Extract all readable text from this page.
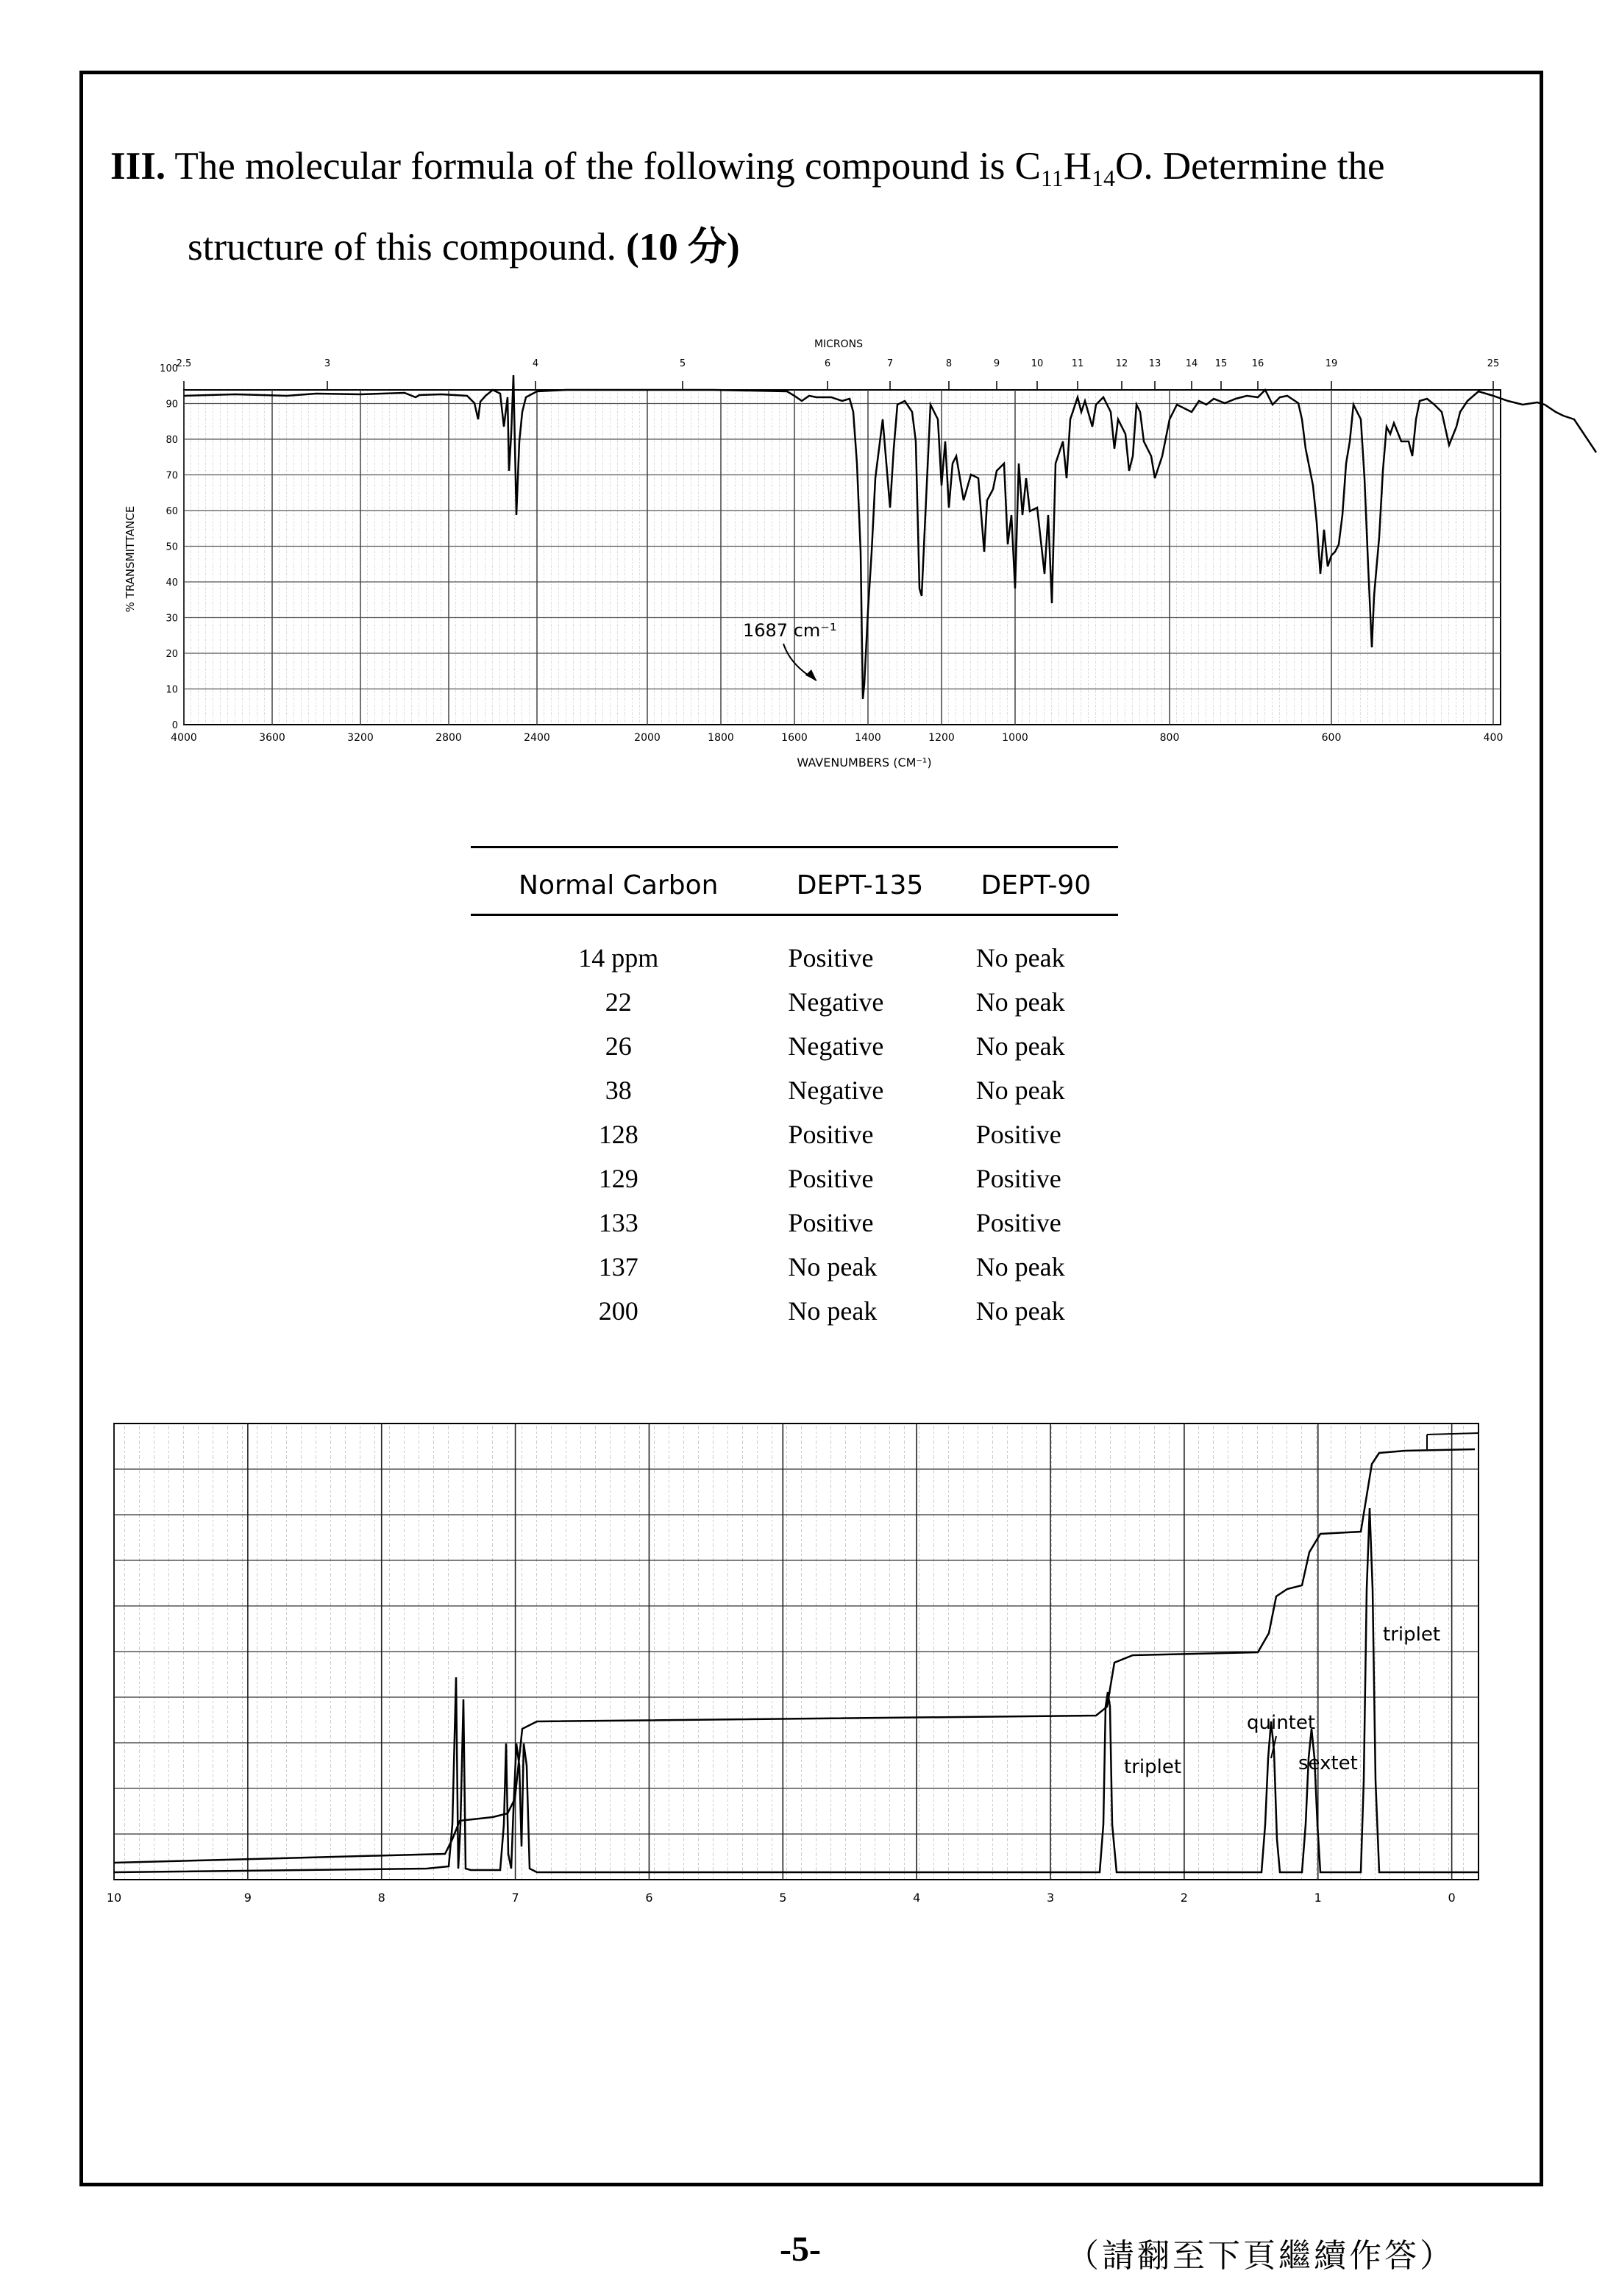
III. The molecular formula of the following compound is $C_{11}H_{14}O$. Determine the
structure of this compound. (10 分)
MICRONS
2.5	3	4	5	6	7	8	9	10	11	12 13	14 15	16	19	25
100
90
80
70
60
50
40
30
20
10
0
% TRANSMITTANCE
4000	3600	3200	2800	2400	2000	1800	1600	1400	1200	1000	800	600	400
WAVENUMBERS (CM⁻¹)
1687 cm⁻¹
Normal Carbon	DEPT-135	DEPT-90
14 ppm	Positive	No peak
22	Negative	No peak
26	Negative	No peak
38	Negative	No peak
128	Positive	Positive
129	Positive	Positive
133	Positive	Positive
137	No peak	No peak
200	No peak	No peak
10	9	8	7	6	5	4	3	2	1	0
triplet
quintet
sextet
triplet
-5-	（請翻至下頁繼續作答）
